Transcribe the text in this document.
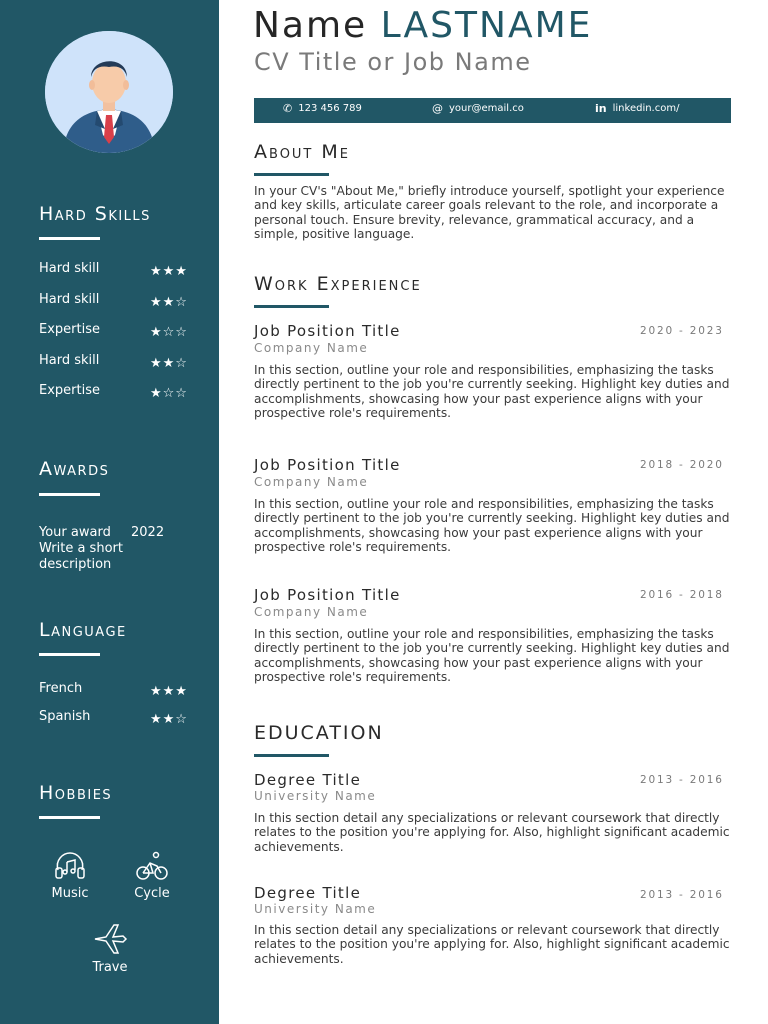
Hard Skills
Hard skill	★★★
Hard skill	★★☆
Expertise	★☆☆
Hard skill	★★☆
Expertise	★☆☆
Awards
Your award 2022
Write a short
description
Language
French	★★★
Spanish	★★☆
Hobbies
Music	Cycle
Trave
Name LASTNAME
CV Title or Job Name
✆ 123 456 789	@ your@email.co	in linkedin.com/
About Me
In your CV's "About Me," briefly introduce yourself, spotlight your experience and key skills, articulate career goals relevant to the role, and incorporate a personal touch. Ensure brevity, relevance, grammatical accuracy, and a simple, positive language.
Work Experience
Job Position Title	2020 - 2023
Company Name
In this section, outline your role and responsibilities, emphasizing the tasks directly pertinent to the job you're currently seeking. Highlight key duties and accomplishments, showcasing how your past experience aligns with your prospective role's requirements.
Job Position Title	2018 - 2020
Company Name
In this section, outline your role and responsibilities, emphasizing the tasks directly pertinent to the job you're currently seeking. Highlight key duties and accomplishments, showcasing how your past experience aligns with your prospective role's requirements.
Job Position Title	2016 - 2018
Company Name
In this section, outline your role and responsibilities, emphasizing the tasks directly pertinent to the job you're currently seeking. Highlight key duties and accomplishments, showcasing how your past experience aligns with your prospective role's requirements.
EDUCATION
Degree Title	2013 - 2016
University Name
In this section detail any specializations or relevant coursework that directly relates to the position you're applying for. Also, highlight significant academic achievements.
Degree Title	2013 - 2016
University Name
In this section detail any specializations or relevant coursework that directly relates to the position you're applying for. Also, highlight significant academic achievements.
